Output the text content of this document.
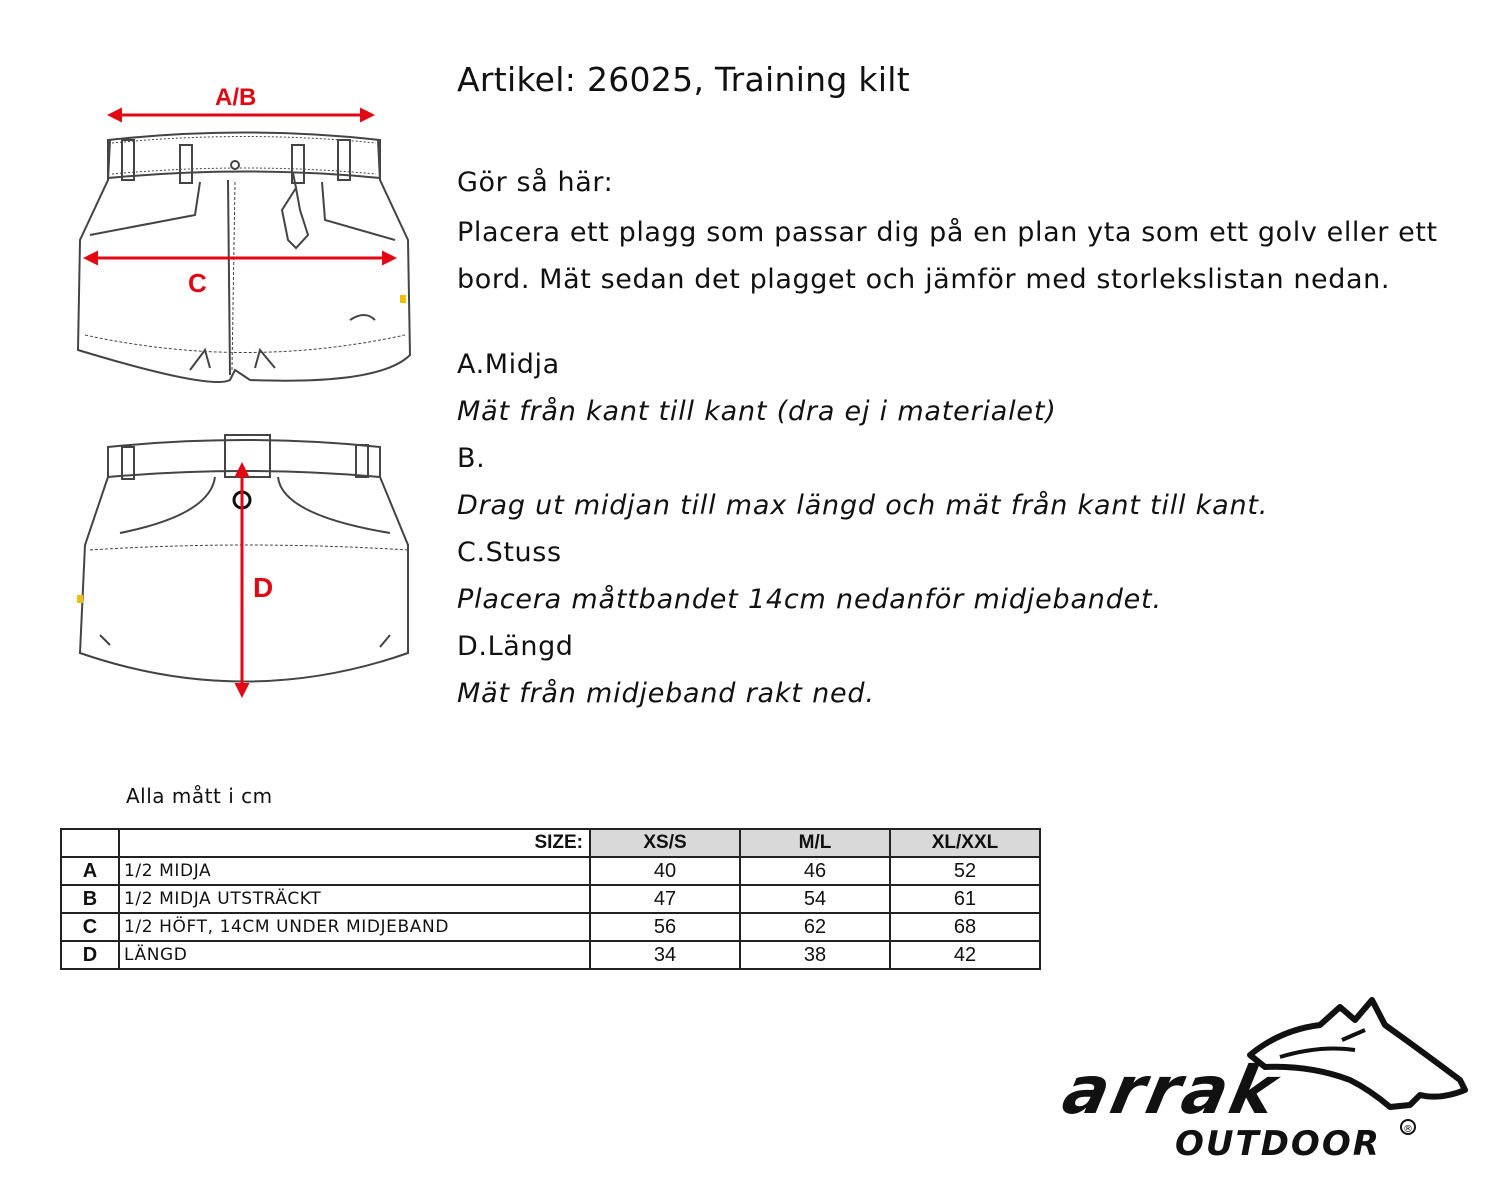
A/B
C
D
Artikel: 26025, Training kilt
Gör så här:
Placera ett plagg som passar dig på en plan yta som ett golv eller ett
bord. Mät sedan det plagget och jämför med storlekslistan nedan.
A.Midja
Mät från kant till kant (dra ej i materialet)
B.
Drag ut midjan till max längd och mät från kant till kant.
C.Stuss
Placera måttbandet 14cm nedanför midjebandet.
D.Längd
Mät från midjeband rakt ned.
Alla mått i cm
	SIZE:	XS/S	M/L	XL/XXL
A	1/2 MIDJA	40	46	52
B	1/2 MIDJA UTSTRÄCKT	47	54	61
C	1/2 HÖFT, 14CM UNDER MIDJEBAND	56	62	68
D	LÄNGD	34	38	42
arrak
OUTDOOR ®
